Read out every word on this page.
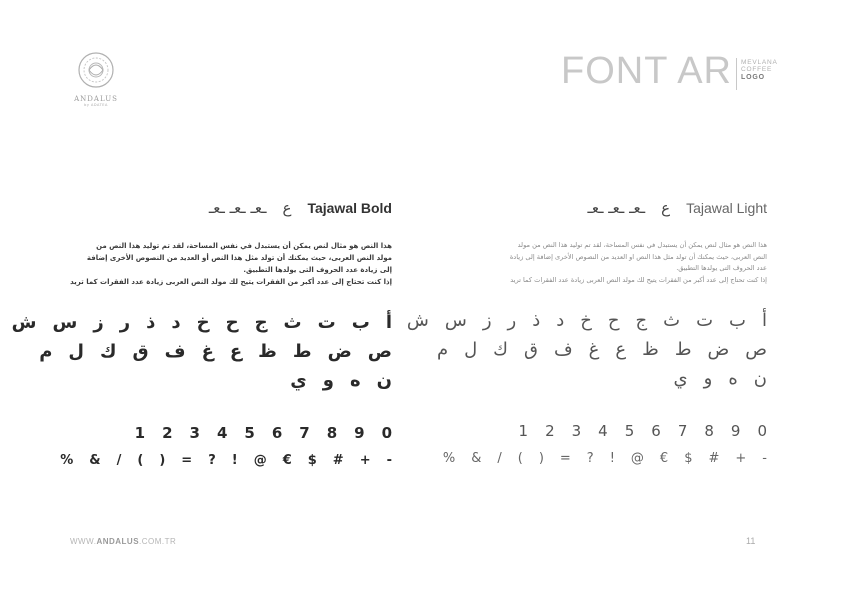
ANDALUS
by ADATEA
FONT AR MEVLANA
COFFEE
LOGO
ـعـ ـعـ ـعـ ع Tajawal Bold
هذا النص هو مثال لنص يمكن أن يستبدل في نفس المساحة، لقد تم توليد هذا النص من
مولد النص العربى، حيث يمكنك أن تولد مثل هذا النص أو العديد من النصوص الأخرى إضافة
إلى زيادة عدد الحروف التى يولدها التطبيق.
إذا كنت تحتاج إلى عدد أكبر من الفقرات يتيح لك مولد النص العربى زيادة عدد الفقرات كما تريد
أ
ب
ت
ث
ج
ح
خ
د
ذ
ر
ز
س
ش
ص
ض
ط
ظ
ع
غ
ف
ق
ك
ل
م
ن
ه
و
ي
1 2 3 4 5 6 7 8 9 0
% & / ( ) = ? ! @ € $ # + -
ـعـ ـعـ ـعـ ع Tajawal Light
هذا النص هو مثال لنص يمكن أن يستبدل في نفس المساحة، لقد تم توليد هذا النص من مولد
النص العربى، حيث يمكنك أن تولد مثل هذا النص او العديد من النصوص الأخرى إضافة إلى زيادة
عدد الحروف التى يولدها التطبيق.
إذا كنت تحتاج إلى عدد أكبر من الفقرات يتيح لك مولد النص العربى زيادة عدد الفقرات كما تريد
أ
ب
ت
ث
ج
ح
خ
د
ذ
ر
ز
س
ش
ص
ض
ط
ظ
ع
غ
ف
ق
ك
ل
م
ن
ه
و
ي
1 2 3 4 5 6 7 8 9 0
% & / ( ) = ? ! @ € $ # + -
WWW.ANDALUS.COM.TR	11
